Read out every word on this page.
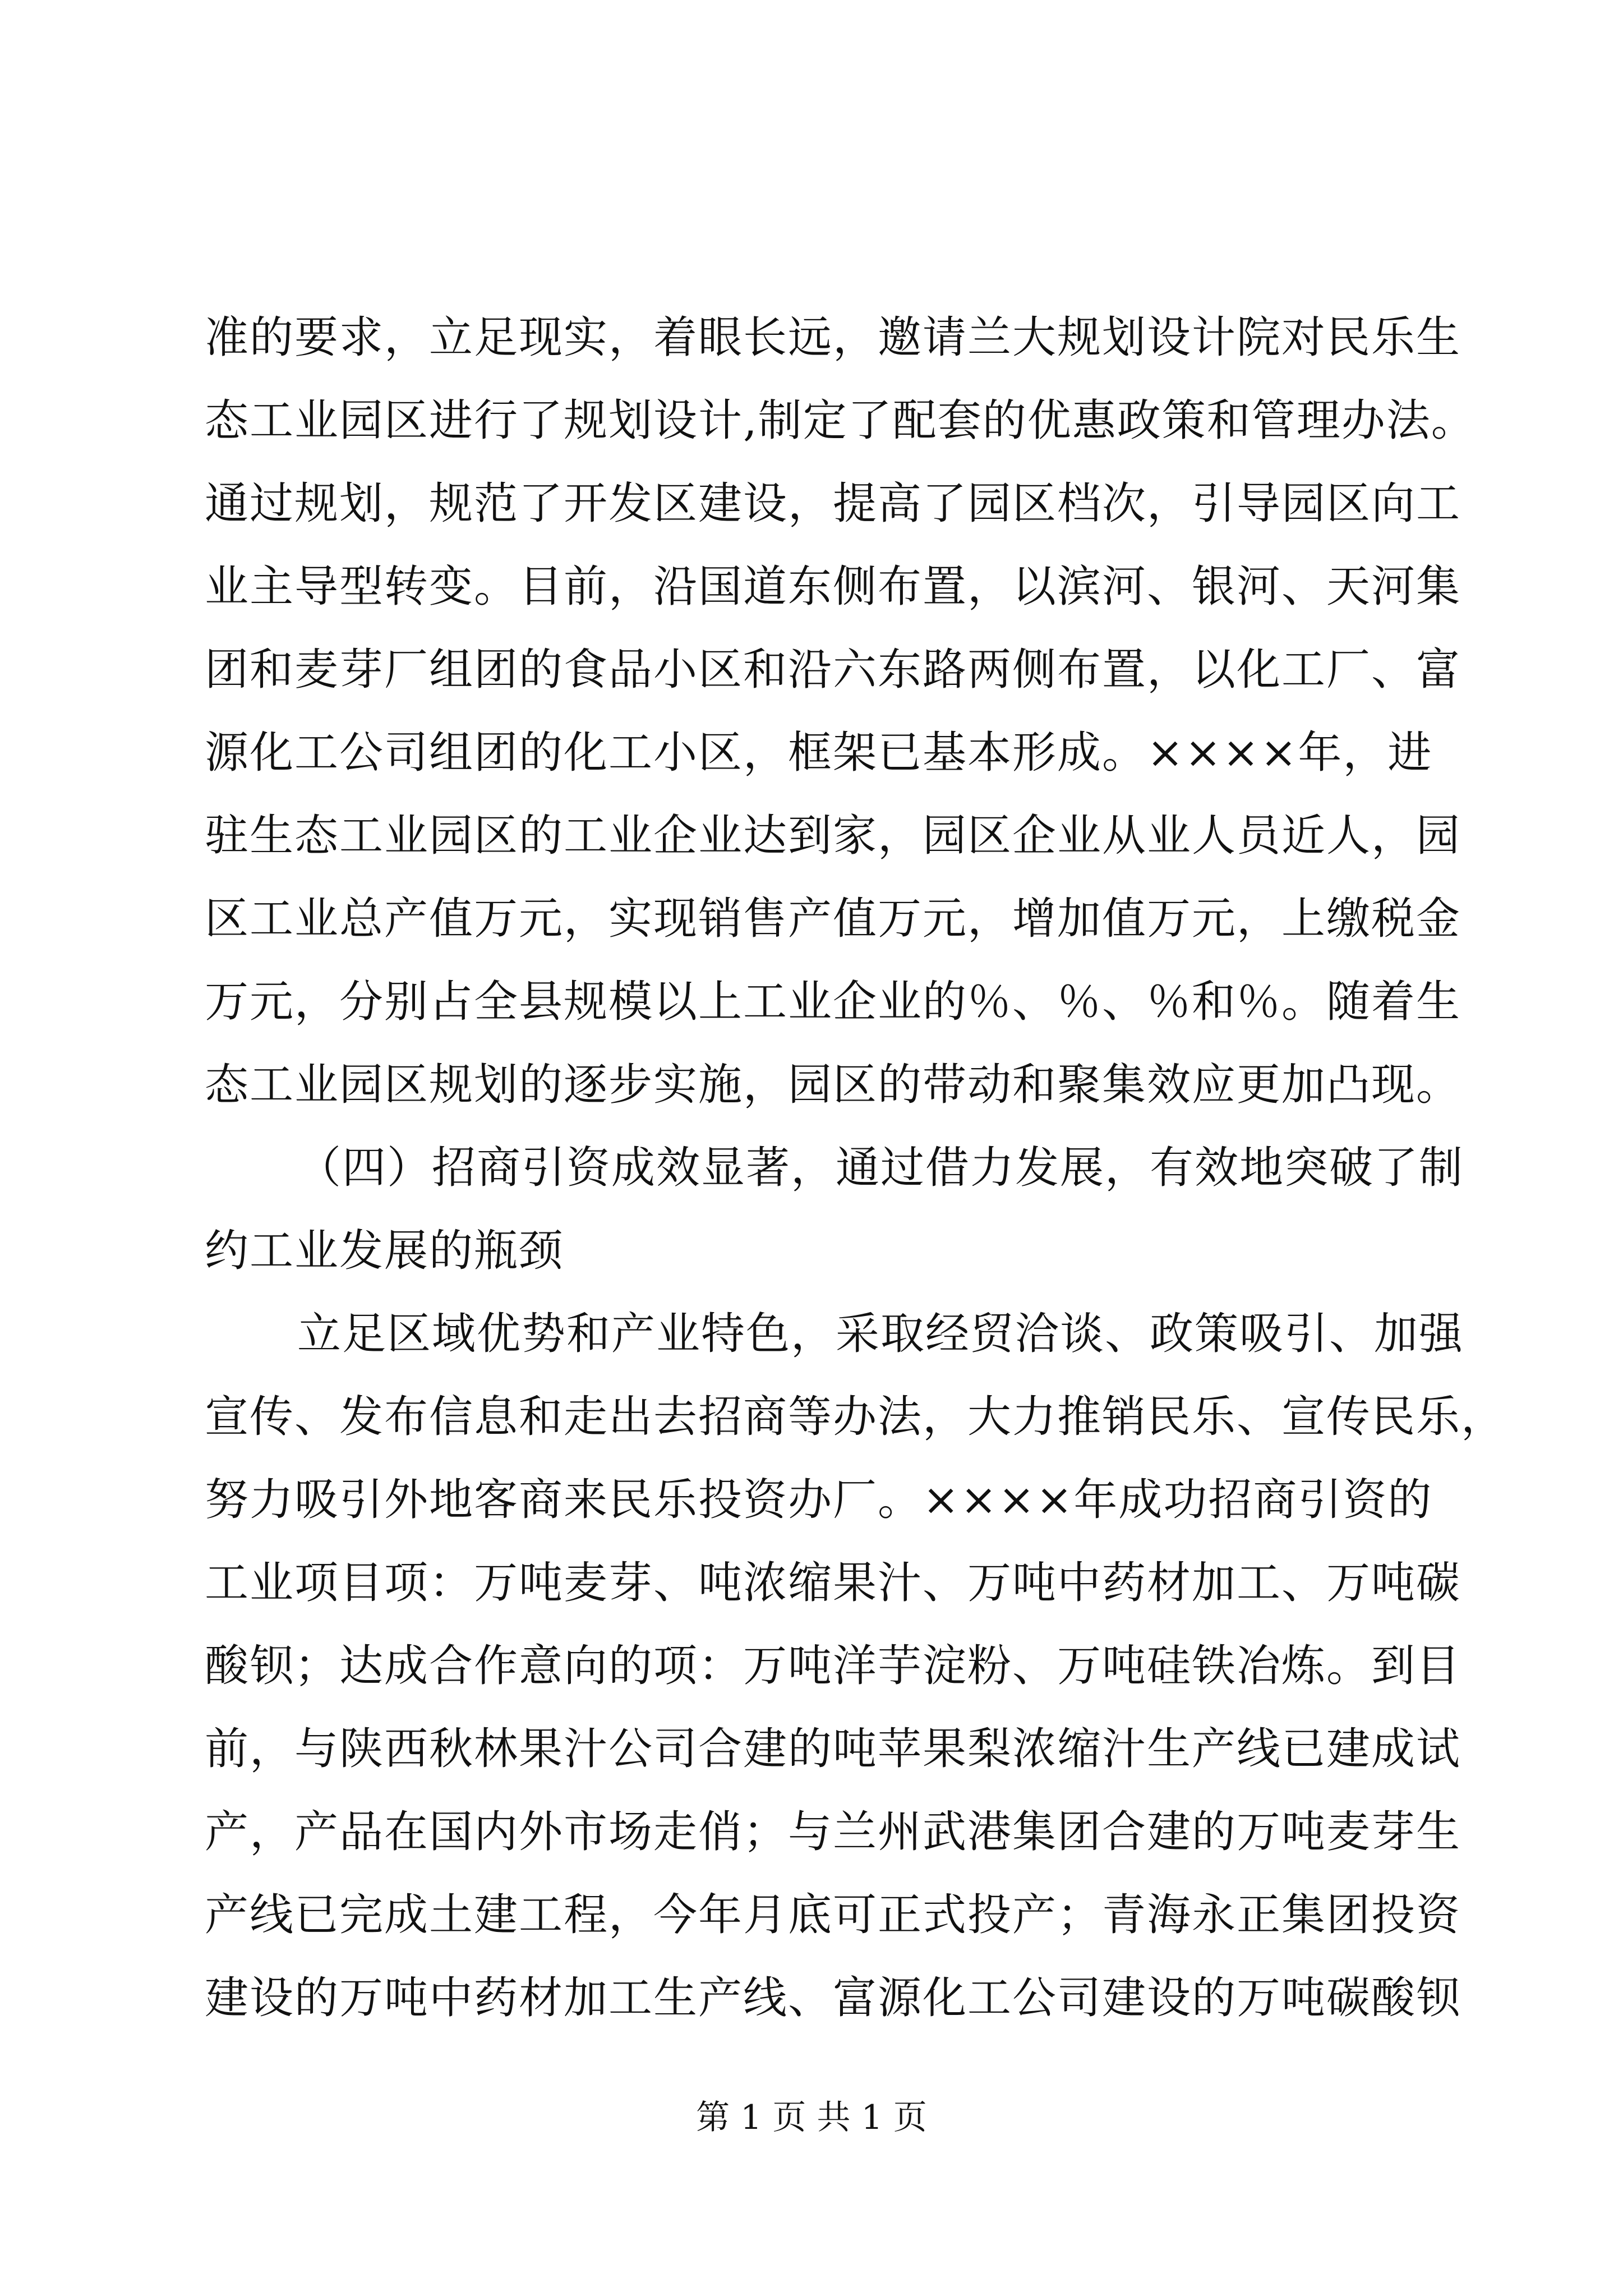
准的要求，立足现实，着眼长远，邀请兰大规划设计院对民乐生
态工业园区进行了规划设计,制定了配套的优惠政策和管理办法。
通过规划，规范了开发区建设，提高了园区档次，引导园区向工
业主导型转变。目前，沿国道东侧布置，以滨河、银河、天河集
团和麦芽厂组团的食品小区和沿六东路两侧布置，以化工厂、富
源化工公司组团的化工小区，框架已基本形成。××××年，进
驻生态工业园区的工业企业达到家，园区企业从业人员近人，园
区工业总产值万元，实现销售产值万元，增加值万元，上缴税金
万元，分别占全县规模以上工业企业的％、％、％和％。随着生
态工业园区规划的逐步实施，园区的带动和聚集效应更加凸现。
（四）招商引资成效显著，通过借力发展，有效地突破了制
约工业发展的瓶颈
立足区域优势和产业特色，采取经贸洽谈、政策吸引、加强
宣传、发布信息和走出去招商等办法，大力推销民乐、宣传民乐，
努力吸引外地客商来民乐投资办厂。××××年成功招商引资的
工业项目项：万吨麦芽、吨浓缩果汁、万吨中药材加工、万吨碳
酸钡；达成合作意向的项：万吨洋芋淀粉、万吨硅铁冶炼。到目
前，与陕西秋林果汁公司合建的吨苹果梨浓缩汁生产线已建成试
产，产品在国内外市场走俏；与兰州武港集团合建的万吨麦芽生
产线已完成土建工程，今年月底可正式投产；青海永正集团投资
建设的万吨中药材加工生产线、富源化工公司建设的万吨碳酸钡
第 1 页 共 1 页
